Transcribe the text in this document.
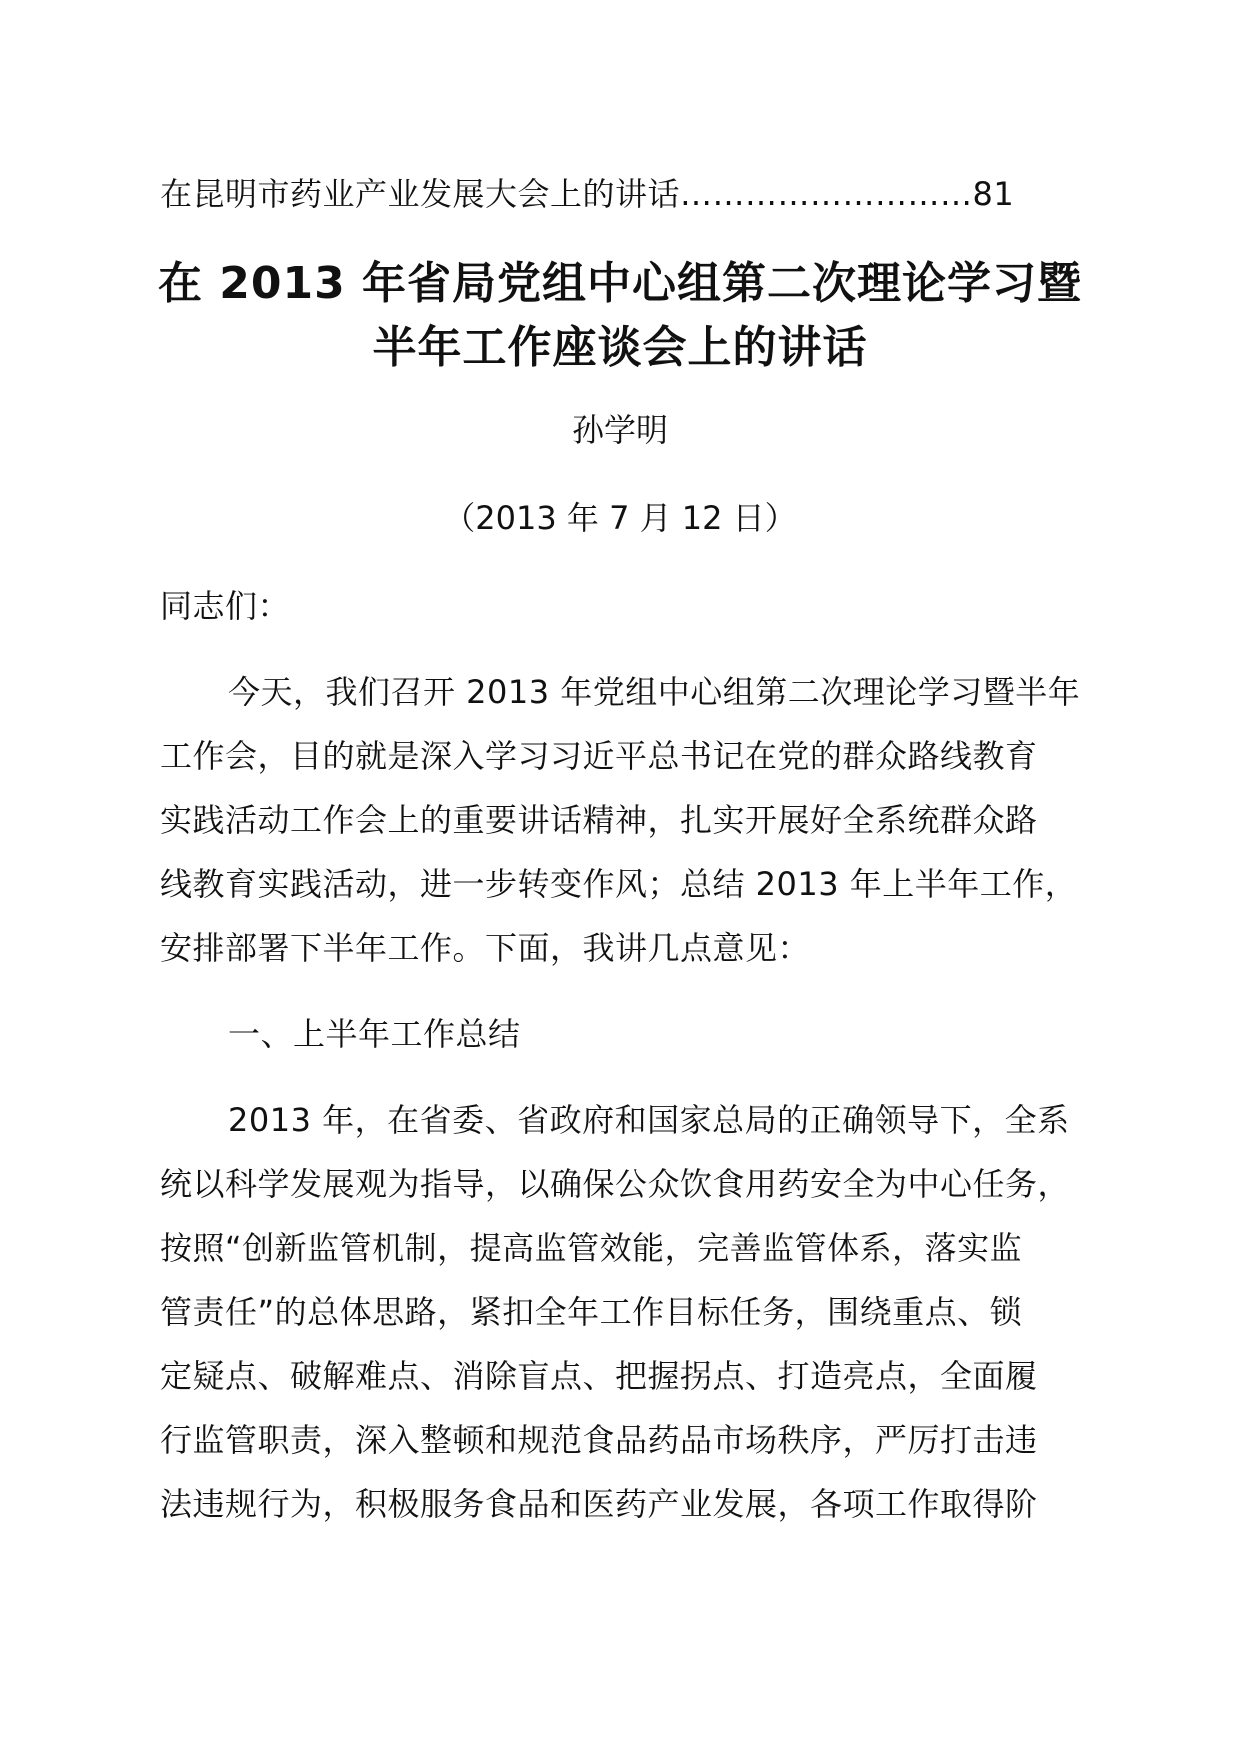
在昆明市药业产业发展大会上的讲话………………………81
在 2013 年省局党组中心组第二次理论学习暨
半年工作座谈会上的讲话
孙学明
（2013 年 7 月 12 日）
同志们：
今天，我们召开 2013 年党组中心组第二次理论学习暨半年
工作会，目的就是深入学习习近平总书记在党的群众路线教育
实践活动工作会上的重要讲话精神，扎实开展好全系统群众路
线教育实践活动，进一步转变作风；总结 2013 年上半年工作，
安排部署下半年工作。下面，我讲几点意见：
一、上半年工作总结
2013 年，在省委、省政府和国家总局的正确领导下，全系
统以科学发展观为指导，以确保公众饮食用药安全为中心任务，
按照“创新监管机制，提高监管效能，完善监管体系，落实监
管责任”的总体思路，紧扣全年工作目标任务，围绕重点、锁
定疑点、破解难点、消除盲点、把握拐点、打造亮点，全面履
行监管职责，深入整顿和规范食品药品市场秩序，严厉打击违
法违规行为，积极服务食品和医药产业发展，各项工作取得阶
